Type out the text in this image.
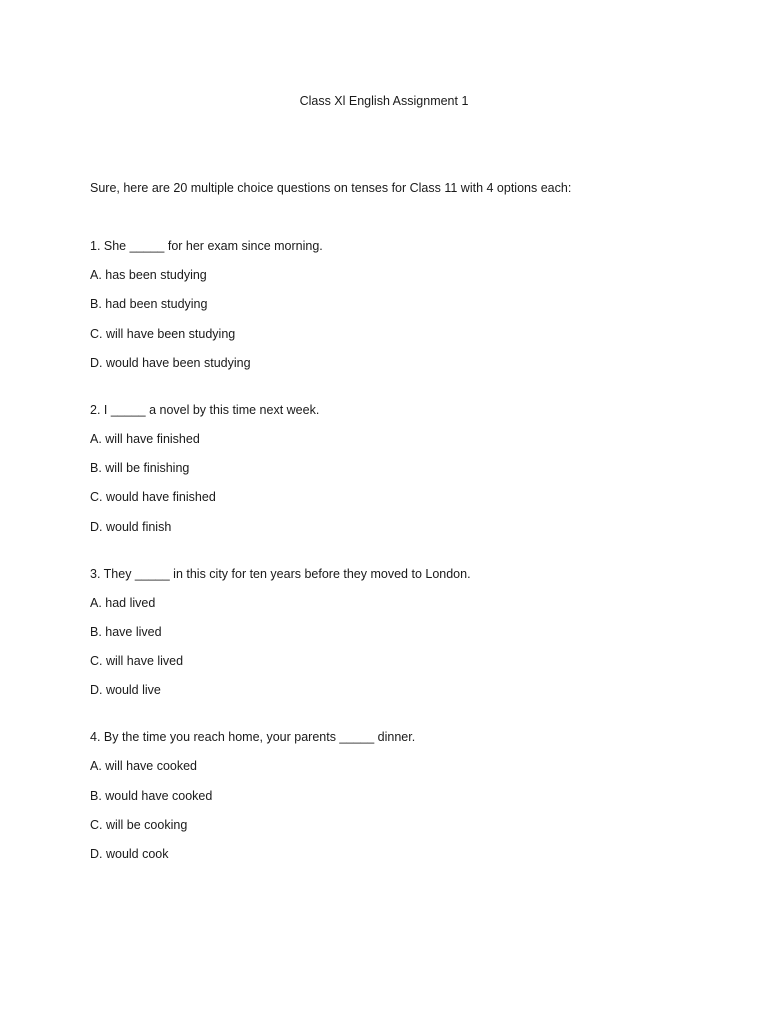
Class Xl English Assignment 1

Sure, here are 20 multiple choice questions on tenses for Class 11 with 4 options each:

1. She _____ for her exam since morning.
A. has been studying
B. had been studying
C. will have been studying
D. would have been studying
2. I _____ a novel by this time next week.
A. will have finished
B. will be finishing
C. would have finished
D. would finish
3. They _____ in this city for ten years before they moved to London.
A. had lived
B. have lived
C. will have lived
D. would live
4. By the time you reach home, your parents _____ dinner.
A. will have cooked
B. would have cooked
C. will be cooking
D. would cook
